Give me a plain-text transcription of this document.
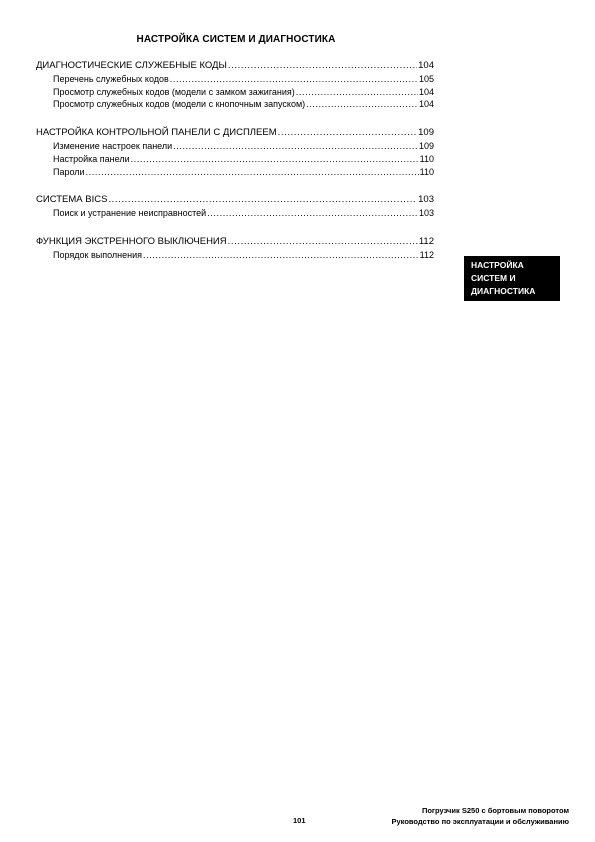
НАСТРОЙКА СИСТЕМ И ДИАГНОСТИКА
ДИАГНОСТИЧЕСКИЕ СЛУЖЕБНЫЕ КОДЫ .....	104
Перечень служебных кодов .....	105
Просмотр служебных кодов (модели с замком зажигания) .....	104
Просмотр служебных кодов (модели с кнопочным запуском) .....	104
НАСТРОЙКА КОНТРОЛЬНОЙ ПАНЕЛИ С ДИСПЛЕЕМ .....	109
Изменение настроек панели .....	109
Настройка панели .....	110
Пароли .....	110
СИСТЕМА BICS .....	103
Поиск и устранение неисправностей .....	103
ФУНКЦИЯ ЭКСТРЕННОГО ВЫКЛЮЧЕНИЯ .....	112
Порядок выполнения .....	112
НАСТРОЙКА
СИСТЕМ И
ДИАГНОСТИКА
101
Погрузчик S250 с бортовым поворотом
Руководство по эксплуатации и обслуживанию
